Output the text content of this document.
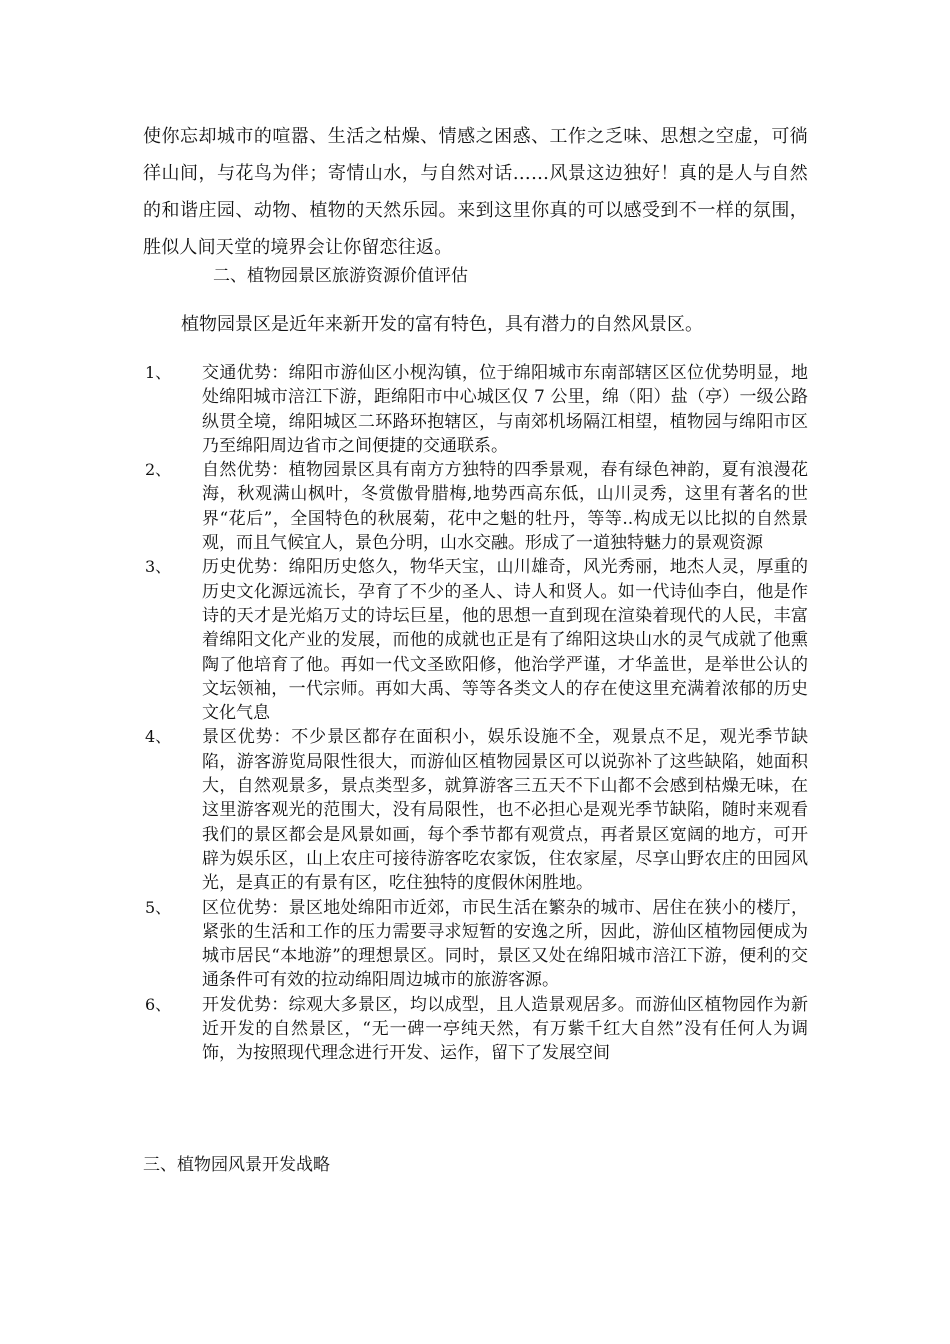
使你忘却城市的喧嚣、生活之枯燥、情感之困惑、工作之乏味、思想之空虚，可徜徉山间，与花鸟为伴；寄情山水，与自然对话……风景这边独好！真的是人与自然的和谐庄园、动物、植物的天然乐园。来到这里你真的可以感受到不一样的氛围，胜似人间天堂的境界会让你留恋往返。

二、植物园景区旅游资源价值评估

植物园景区是近年来新开发的富有特色，具有潜力的自然风景区。

1、 交通优势：绵阳市游仙区小枧沟镇，位于绵阳城市东南部辖区区位优势明显，地处绵阳城市涪江下游，距绵阳市中心城区仅 7 公里，绵（阳）盐（亭）一级公路纵贯全境，绵阳城区二环路环抱辖区，与南郊机场隔江相望，植物园与绵阳市区乃至绵阳周边省市之间便捷的交通联系。
2、 自然优势：植物园景区具有南方方独特的四季景观，春有绿色神韵，夏有浪漫花海，秋观满山枫叶，冬赏傲骨腊梅,地势西高东低，山川灵秀，这里有著名的世界“花后”，全国特色的秋展菊，花中之魁的牡丹，等等..构成无以比拟的自然景观，而且气候宜人，景色分明，山水交融。形成了一道独特魅力的景观资源
3、 历史优势：绵阳历史悠久，物华天宝，山川雄奇，风光秀丽，地杰人灵，厚重的历史文化源远流长，孕育了不少的圣人、诗人和贤人。如一代诗仙李白，他是作诗的天才是光焰万丈的诗坛巨星，他的思想一直到现在渲染着现代的人民，丰富着绵阳文化产业的发展，而他的成就也正是有了绵阳这块山水的灵气成就了他熏陶了他培育了他。再如一代文圣欧阳修，他治学严谨，才华盖世，是举世公认的文坛领袖，一代宗师。再如大禹、等等各类文人的存在使这里充满着浓郁的历史文化气息
4、 景区优势：不少景区都存在面积小，娱乐设施不全，观景点不足，观光季节缺陷，游客游览局限性很大，而游仙区植物园景区可以说弥补了这些缺陷，她面积大，自然观景多，景点类型多，就算游客三五天不下山都不会感到枯燥无味，在这里游客观光的范围大，没有局限性，也不必担心是观光季节缺陷，随时来观看我们的景区都会是风景如画，每个季节都有观赏点，再者景区宽阔的地方，可开辟为娱乐区，山上农庄可接待游客吃农家饭，住农家屋，尽享山野农庄的田园风光，是真正的有景有区，吃住独特的度假休闲胜地。
5、 区位优势：景区地处绵阳市近郊，市民生活在繁杂的城市、居住在狭小的楼厅，紧张的生活和工作的压力需要寻求短暂的安逸之所，因此，游仙区植物园便成为城市居民“本地游”的理想景区。同时，景区又处在绵阳城市涪江下游，便利的交通条件可有效的拉动绵阳周边城市的旅游客源。
6、 开发优势：综观大多景区，均以成型，且人造景观居多。而游仙区植物园作为新近开发的自然景区，“无一碑一亭纯天然，有万紫千红大自然”没有任何人为调饰，为按照现代理念进行开发、运作，留下了发展空间

三、植物园风景开发战略
